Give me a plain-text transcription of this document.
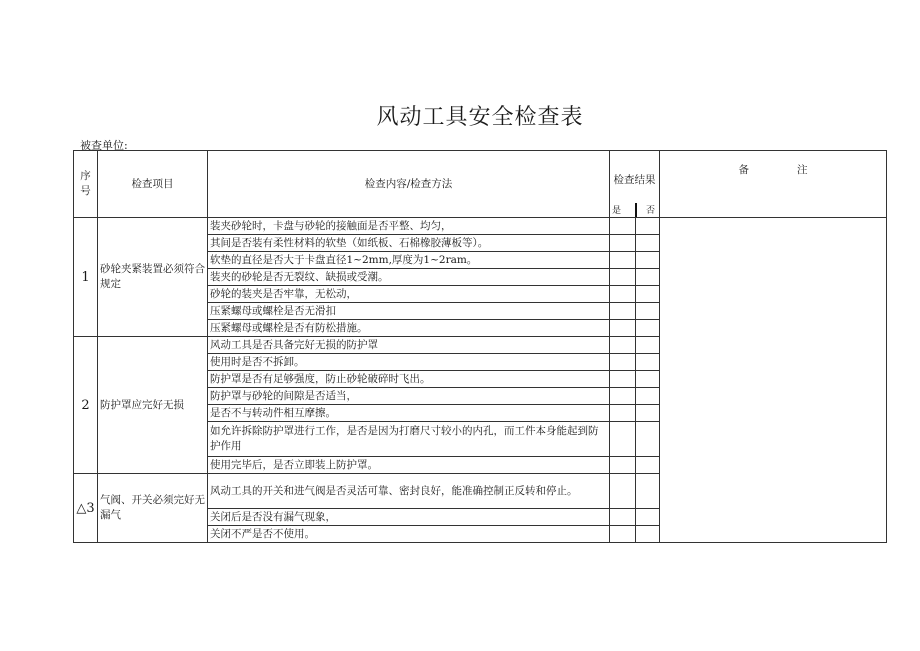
风动工具安全检查表
被查单位:
序号	检查项目	检查内容/检查方法	检查结果
是 否		备 注
1	砂轮夹紧装置必须符合规定	装夹砂轮时，卡盘与砂轮的接触面是否平整、均匀，			
		其间是否装有柔性材料的软垫（如纸板、石棉橡胶薄板等）。			
		软垫的直径是否大于卡盘直径1~2mm,厚度为1~2ram。			
		装夹的砂轮是否无裂纹、缺损或受潮。			
		砂轮的装夹是否牢靠，无松动，			
		压紧螺母或螺栓是否无滑扣			
		压紧螺母或螺栓是否有防松措施。			
2	防护罩应完好无损	风动工具是否具备完好无损的防护罩			
		使用时是否不拆卸。			
		防护罩是否有足够强度，防止砂轮破碎时飞出。			
		防护罩与砂轮的间隙是否适当，			
		是否不与转动件相互摩擦。			
		如允许拆除防护罩进行工作，是否是因为打磨尺寸较小的内孔，而工件本身能起到防护作用			
		使用完毕后，是否立即装上防护罩。			
△3	气阀、开关必须完好无漏气	风动工具的开关和进气阀是否灵活可靠、密封良好，能准确控制正反转和停止。			
		关闭后是否没有漏气现象，			
		关闭不严是否不使用。			
